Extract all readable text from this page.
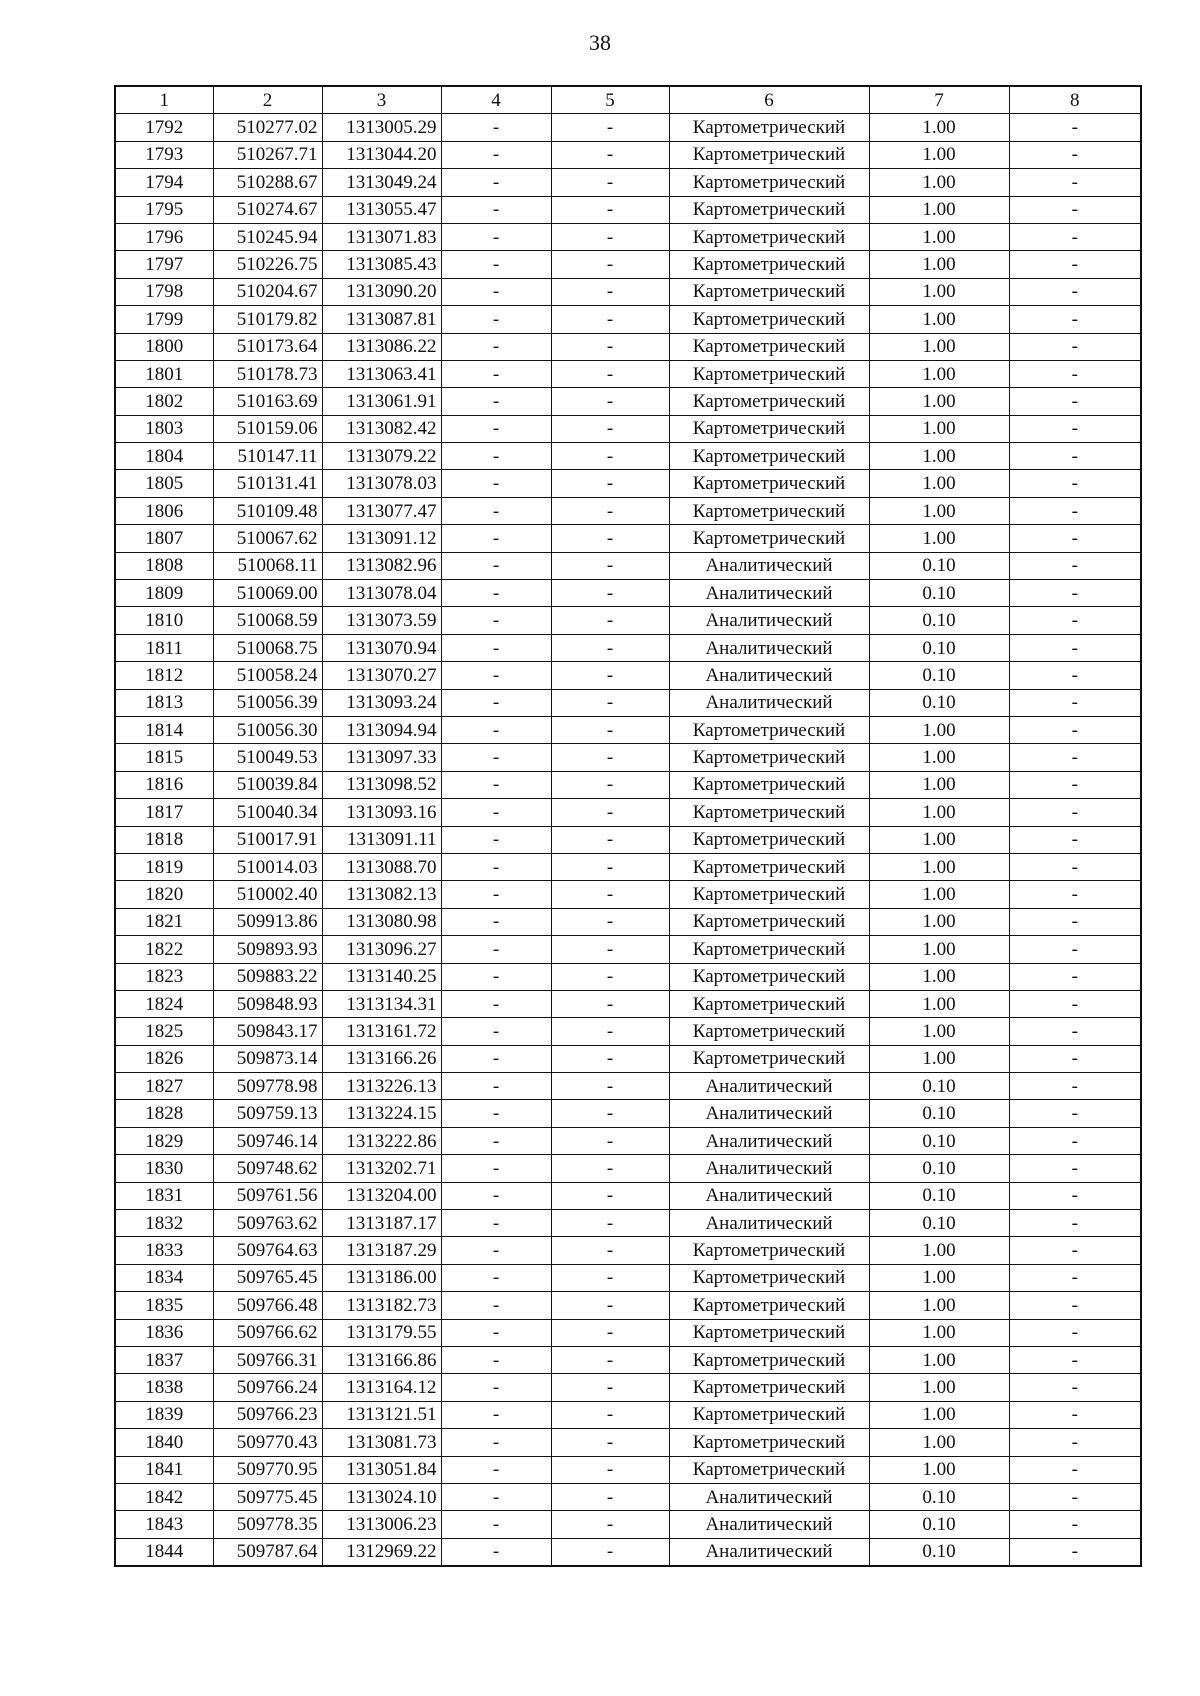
38
1	2	3	4	5	6	7	8
1792	510277.02	1313005.29	-	-	Картометрический	1.00	-
1793	510267.71	1313044.20	-	-	Картометрический	1.00	-
1794	510288.67	1313049.24	-	-	Картометрический	1.00	-
1795	510274.67	1313055.47	-	-	Картометрический	1.00	-
1796	510245.94	1313071.83	-	-	Картометрический	1.00	-
1797	510226.75	1313085.43	-	-	Картометрический	1.00	-
1798	510204.67	1313090.20	-	-	Картометрический	1.00	-
1799	510179.82	1313087.81	-	-	Картометрический	1.00	-
1800	510173.64	1313086.22	-	-	Картометрический	1.00	-
1801	510178.73	1313063.41	-	-	Картометрический	1.00	-
1802	510163.69	1313061.91	-	-	Картометрический	1.00	-
1803	510159.06	1313082.42	-	-	Картометрический	1.00	-
1804	510147.11	1313079.22	-	-	Картометрический	1.00	-
1805	510131.41	1313078.03	-	-	Картометрический	1.00	-
1806	510109.48	1313077.47	-	-	Картометрический	1.00	-
1807	510067.62	1313091.12	-	-	Картометрический	1.00	-
1808	510068.11	1313082.96	-	-	Аналитический	0.10	-
1809	510069.00	1313078.04	-	-	Аналитический	0.10	-
1810	510068.59	1313073.59	-	-	Аналитический	0.10	-
1811	510068.75	1313070.94	-	-	Аналитический	0.10	-
1812	510058.24	1313070.27	-	-	Аналитический	0.10	-
1813	510056.39	1313093.24	-	-	Аналитический	0.10	-
1814	510056.30	1313094.94	-	-	Картометрический	1.00	-
1815	510049.53	1313097.33	-	-	Картометрический	1.00	-
1816	510039.84	1313098.52	-	-	Картометрический	1.00	-
1817	510040.34	1313093.16	-	-	Картометрический	1.00	-
1818	510017.91	1313091.11	-	-	Картометрический	1.00	-
1819	510014.03	1313088.70	-	-	Картометрический	1.00	-
1820	510002.40	1313082.13	-	-	Картометрический	1.00	-
1821	509913.86	1313080.98	-	-	Картометрический	1.00	-
1822	509893.93	1313096.27	-	-	Картометрический	1.00	-
1823	509883.22	1313140.25	-	-	Картометрический	1.00	-
1824	509848.93	1313134.31	-	-	Картометрический	1.00	-
1825	509843.17	1313161.72	-	-	Картометрический	1.00	-
1826	509873.14	1313166.26	-	-	Картометрический	1.00	-
1827	509778.98	1313226.13	-	-	Аналитический	0.10	-
1828	509759.13	1313224.15	-	-	Аналитический	0.10	-
1829	509746.14	1313222.86	-	-	Аналитический	0.10	-
1830	509748.62	1313202.71	-	-	Аналитический	0.10	-
1831	509761.56	1313204.00	-	-	Аналитический	0.10	-
1832	509763.62	1313187.17	-	-	Аналитический	0.10	-
1833	509764.63	1313187.29	-	-	Картометрический	1.00	-
1834	509765.45	1313186.00	-	-	Картометрический	1.00	-
1835	509766.48	1313182.73	-	-	Картометрический	1.00	-
1836	509766.62	1313179.55	-	-	Картометрический	1.00	-
1837	509766.31	1313166.86	-	-	Картометрический	1.00	-
1838	509766.24	1313164.12	-	-	Картометрический	1.00	-
1839	509766.23	1313121.51	-	-	Картометрический	1.00	-
1840	509770.43	1313081.73	-	-	Картометрический	1.00	-
1841	509770.95	1313051.84	-	-	Картометрический	1.00	-
1842	509775.45	1313024.10	-	-	Аналитический	0.10	-
1843	509778.35	1313006.23	-	-	Аналитический	0.10	-
1844	509787.64	1312969.22	-	-	Аналитический	0.10	-
